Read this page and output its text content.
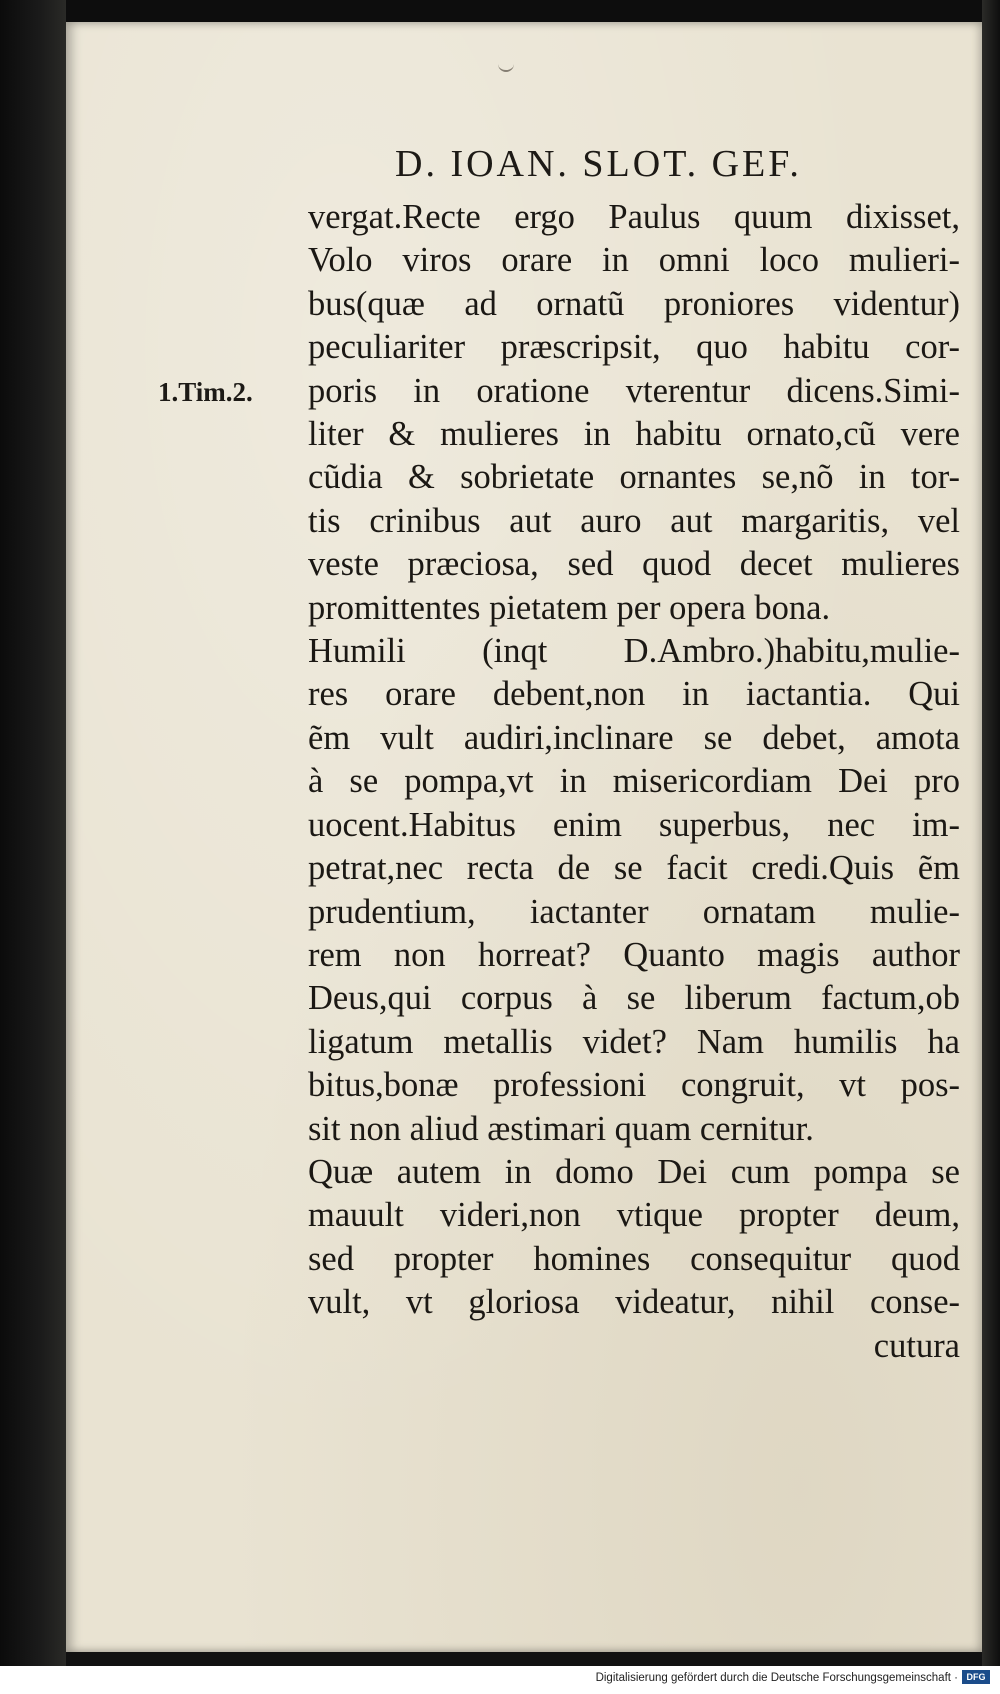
D. IOAN. SLOT. GEF.
1.Tim.2.
vergat.Recte ergo Paulus quum dixisset,
Volo viros orare in omni loco mulieri-
bus(quæ ad ornatũ proniores videntur)
peculiariter præscripsit, quo habitu cor-
poris in oratione vterentur dicens.Simi-
liter & mulieres in habitu ornato,cũ vere
cũdia & sobrietate ornantes se,nõ in tor-
tis crinibus aut auro aut margaritis, vel
veste præciosa, sed quod decet mulieres
promittentes pietatem per opera bona.
Humili (inqt D.Ambro.)habitu,mulie-
res orare debent,non in iactantia. Qui
ẽm vult audiri,inclinare se debet, amota
à se pompa,vt in misericordiam Dei pro
uocent.Habitus enim superbus, nec im-
petrat,nec recta de se facit credi.Quis ẽm
prudentium, iactanter ornatam mulie-
rem non horreat? Quanto magis author
Deus,qui corpus à se liberum factum,ob
ligatum metallis videt? Nam humilis ha
bitus,bonæ professioni congruit, vt pos-
sit non aliud æstimari quam cernitur.
Quæ autem in domo Dei cum pompa se
mauult videri,non vtique propter deum,
sed propter homines consequitur quod
vult, vt gloriosa videatur, nihil conse-
cutura
Digitalisierung gefördert durch die Deutsche Forschungsgemeinschaft · DFG
